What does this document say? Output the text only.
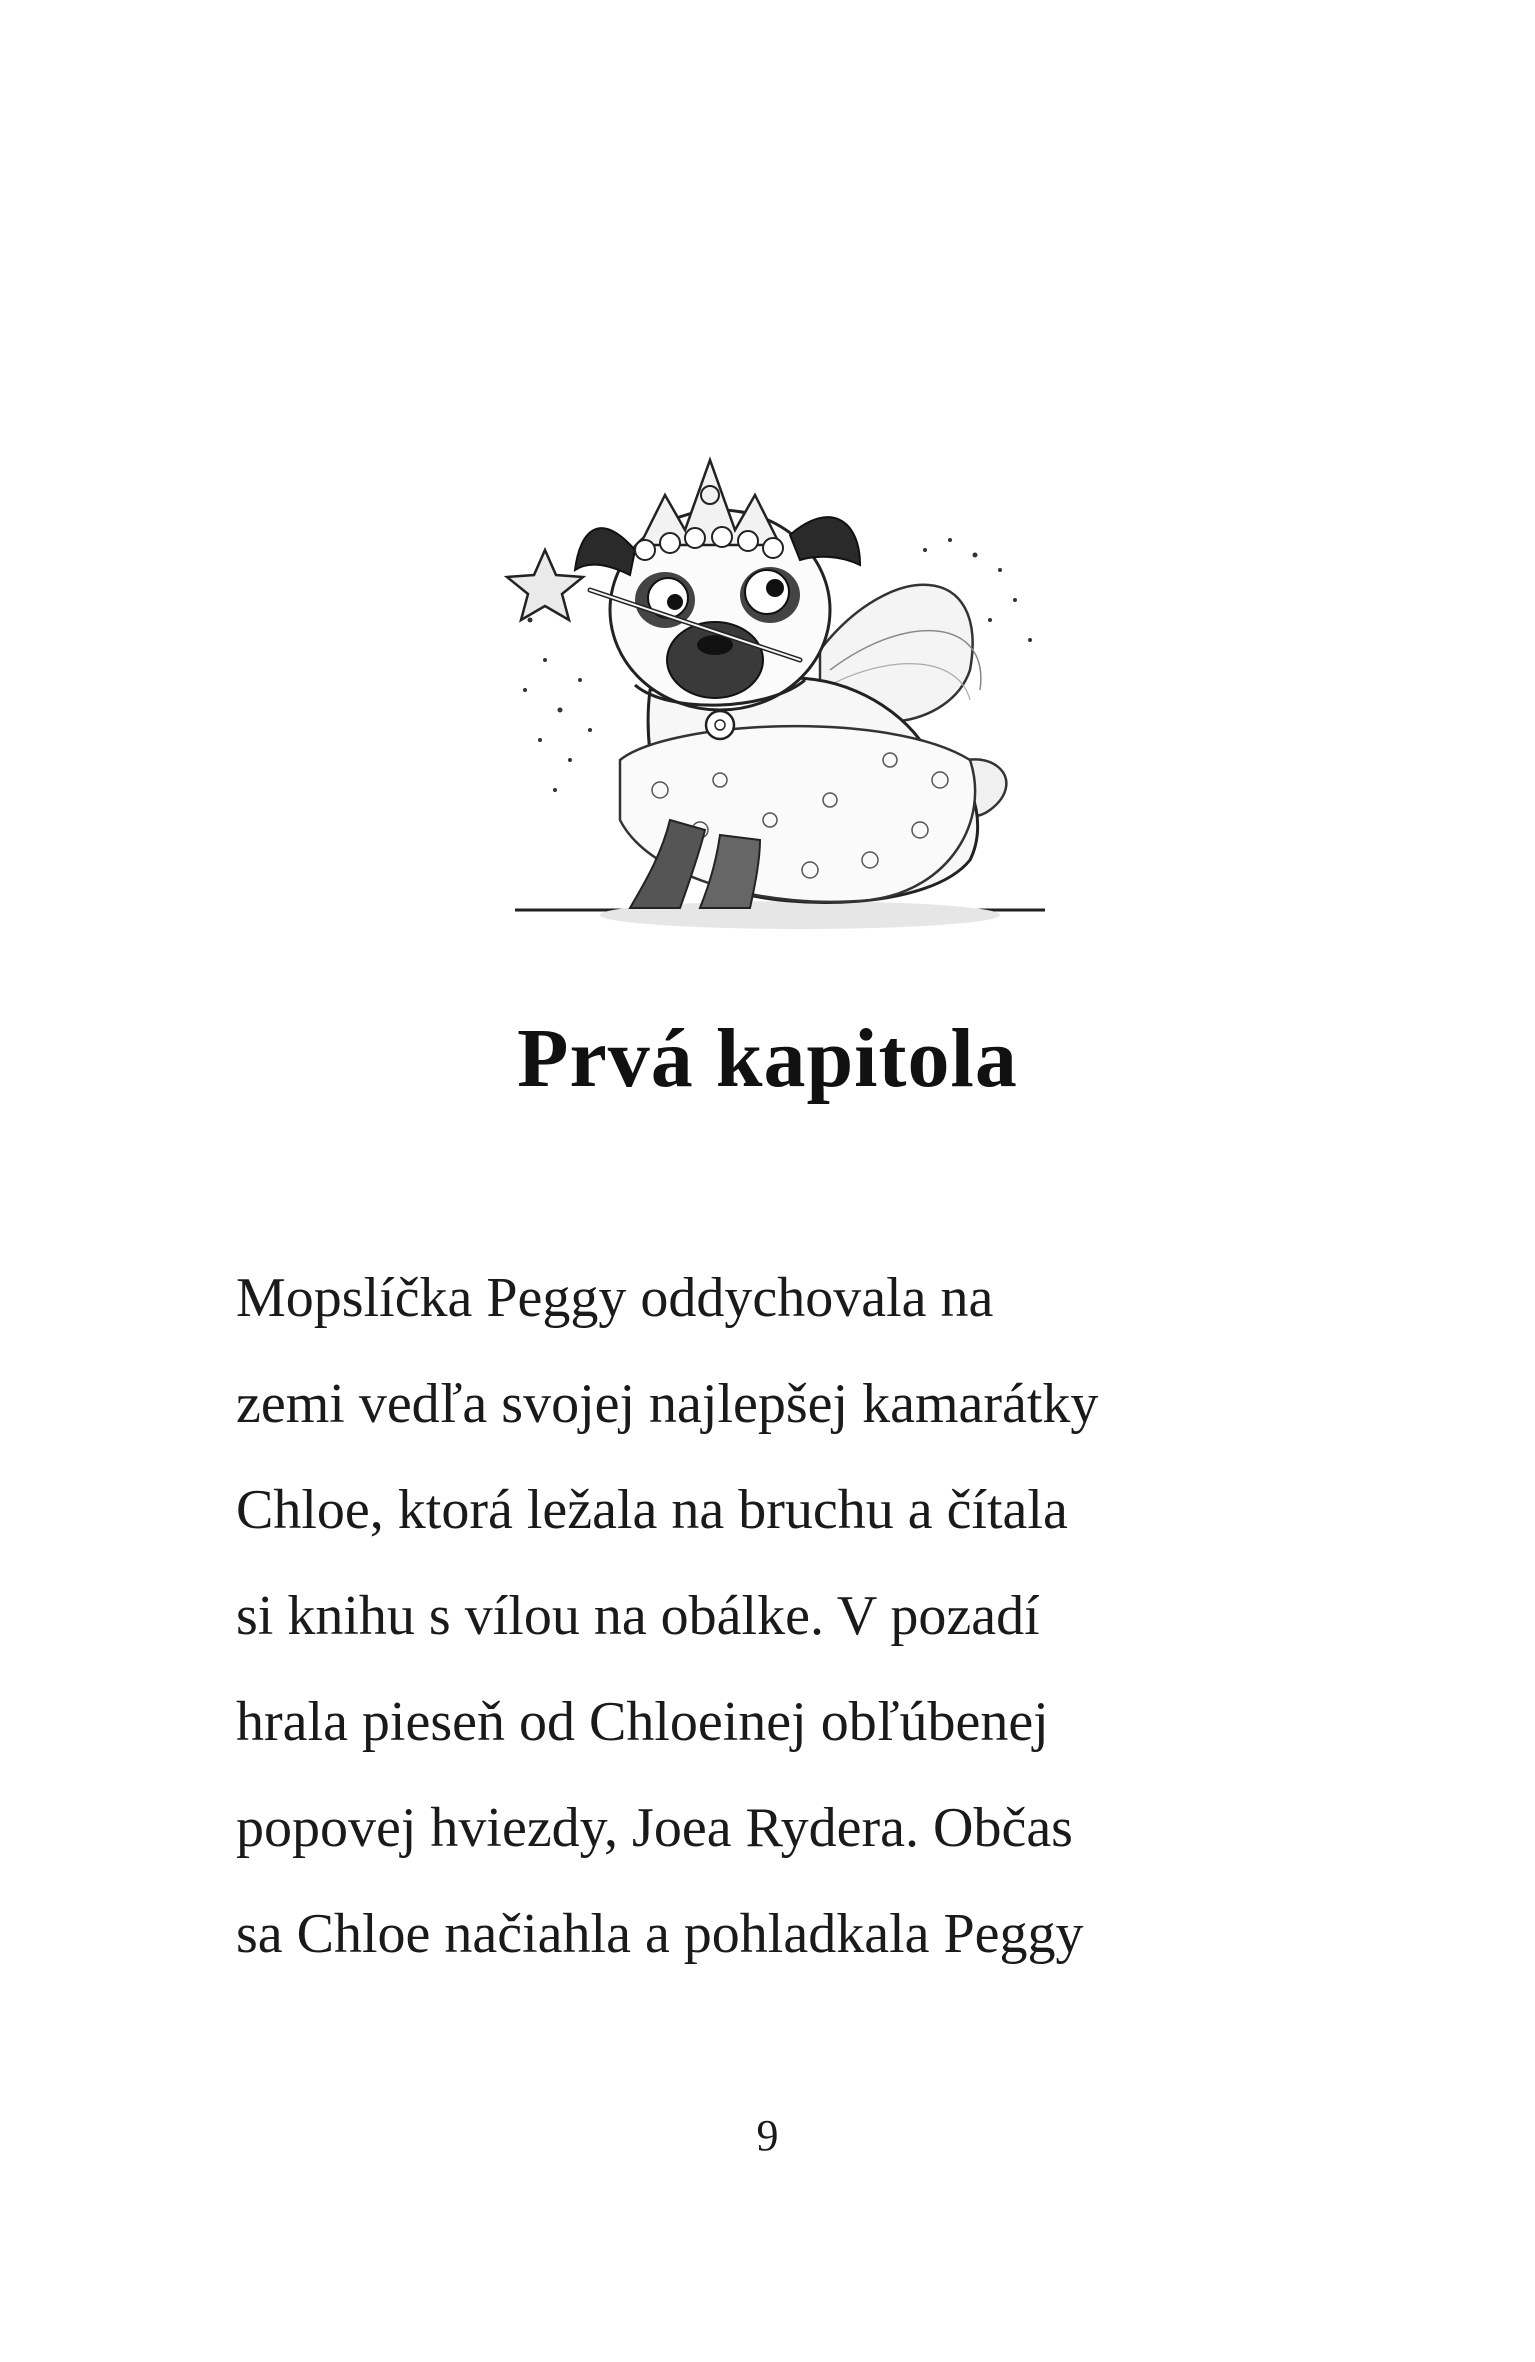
Prvá kapitola

Mopslíčka Peggy oddychovala na
zemi vedľa svojej najlepšej kamarátky
Chloe, ktorá ležala na bruchu a čítala
si knihu s vílou na obálke. V pozadí
hrala pieseň od Chloeinej obľúbenej
popovej hviezdy, Joea Rydera. Občas
sa Chloe načiahla a pohladkala Peggy

9
